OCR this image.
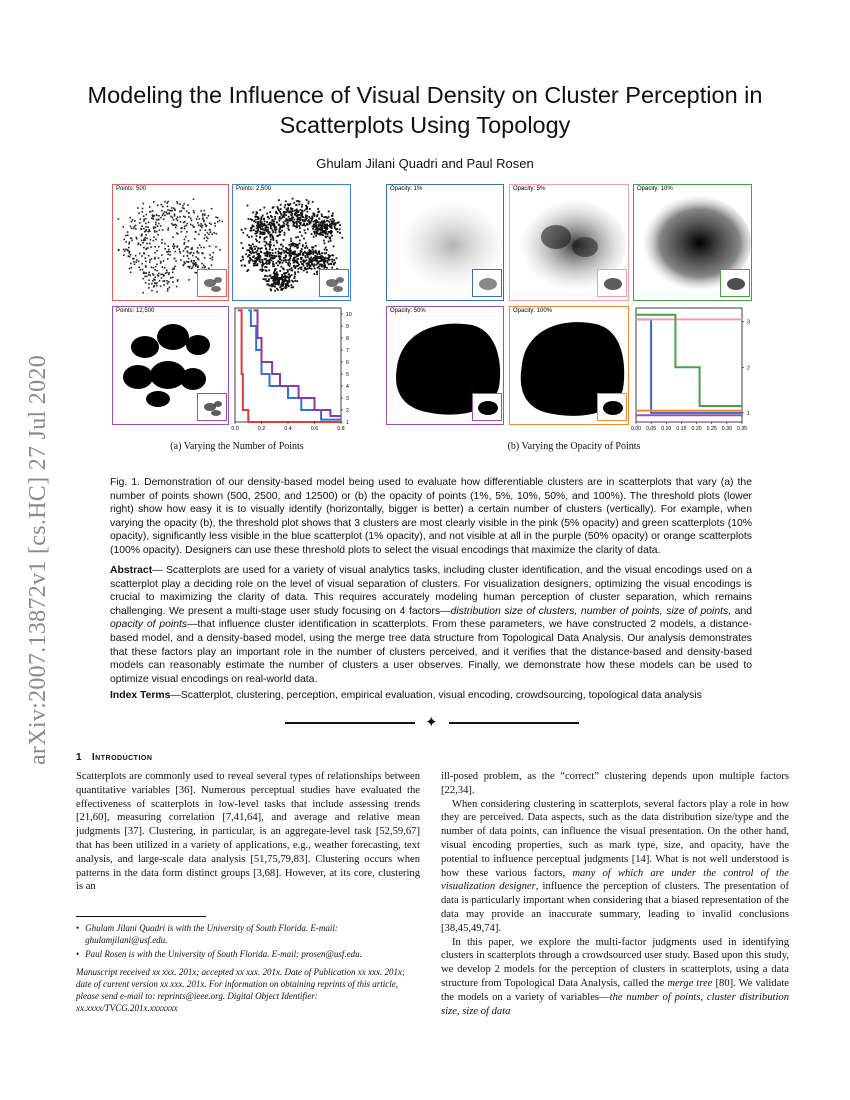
arXiv:2007.13872v1 [cs.HC] 27 Jul 2020
Modeling the Influence of Visual Density on Cluster Perception in
Scatterplots Using Topology
Ghulam Jilani Quadri and Paul Rosen
Points: 500	Points: 2,500
Points: 12,500
0.0	0.2	0.4	0.6	0.8
1
2
3
4
5
6
7
8
9
10
Opacity: 1%	Opacity: 5%	Opacity: 10%
Opacity: 50%	Opacity: 100%
0.00 0.05 0.10 0.15 0.20 0.25 0.30 0.35
1
2
3
(a) Varying the Number of Points	(b) Varying the Opacity of Points
Fig. 1. Demonstration of our density-based model being used to evaluate how differentiable clusters are in scatterplots that vary (a) the number of points shown (500, 2500, and 12500) or (b) the opacity of points (1%, 5%, 10%, 50%, and 100%). The threshold plots (lower right) show how easy it is to visually identify (horizontally, bigger is better) a certain number of clusters (vertically). For example, when varying the opacity (b), the threshold plot shows that 3 clusters are most clearly visible in the pink (5% opacity) and green scatterplots (10% opacity), significantly less visible in the blue scatterplot (1% opacity), and not visible at all in the purple (50% opacity) or orange scatterplots (100% opacity). Designers can use these threshold plots to select the visual encodings that maximize the clarity of data.
Abstract— Scatterplots are used for a variety of visual analytics tasks, including cluster identification, and the visual encodings used on a scatterplot play a deciding role on the level of visual separation of clusters. For visualization designers, optimizing the visual encodings is crucial to maximizing the clarity of data. This requires accurately modeling human perception of cluster separation, which remains challenging. We present a multi-stage user study focusing on 4 factors—distribution size of clusters, number of points, size of points, and opacity of points—that influence cluster identification in scatterplots. From these parameters, we have constructed 2 models, a distance-based model, and a density-based model, using the merge tree data structure from Topological Data Analysis. Our analysis demonstrates that these factors play an important role in the number of clusters perceived, and it verifies that the distance-based and density-based models can reasonably estimate the number of clusters a user observes. Finally, we demonstrate how these models can be used to optimize visual encodings on real-world data.
Index Terms—Scatterplot, clustering, perception, empirical evaluation, visual encoding, crowdsourcing, topological data analysis
✦
1 Introduction

Scatterplots are commonly used to reveal several types of relationships between quantitative variables [36]. Numerous perceptual studies have evaluated the effectiveness of scatterplots in low-level tasks that include assessing trends [21,60], measuring correlation [7,41,64], and average and relative mean judgments [37]. Clustering, in particular, is an aggregate-level task [52,59,67] that has been utilized in a variety of applications, e.g., weather forecasting, text analysis, and large-scale data analysis [51,75,79,83]. Clustering occurs when patterns in the data form distinct groups [3,68]. However, at its core, clustering is an

• Ghulam Jilani Quadri is with the University of South Florida. E-mail: ghulamjilani@usf.edu.
• Paul Rosen is with the University of South Florida. E-mail: prosen@usf.edu.
Manuscript received xx xxx. 201x; accepted xx xxx. 201x. Date of Publication xx xxx. 201x; date of current version xx xxx. 201x. For information on obtaining reprints of this article, please send e-mail to: reprints@ieee.org. Digital Object Identifier: xx.xxxx/TVCG.201x.xxxxxxx

ill-posed problem, as the “correct” clustering depends upon multiple factors [22,34].

When considering clustering in scatterplots, several factors play a role in how they are perceived. Data aspects, such as the data distribution size/type and the number of data points, can influence the visual presentation. On the other hand, visual encoding properties, such as mark type, size, and opacity, have the potential to influence perceptual judgments [14]. What is not well understood is how these various factors, many of which are under the control of the visualization designer, influence the perception of clusters. The presentation of data is particularly important when considering that a biased representation of the data may provide an inaccurate summary, leading to invalid conclusions [38,45,49,74].

In this paper, we explore the multi-factor judgments used in identifying clusters in scatterplots through a crowdsourced user study. Based upon this study, we develop 2 models for the perception of clusters in scatterplots, using a data structure from Topological Data Analysis, called the merge tree [80]. We validate the models on a variety of variables—the number of points, cluster distribution size, size of data
